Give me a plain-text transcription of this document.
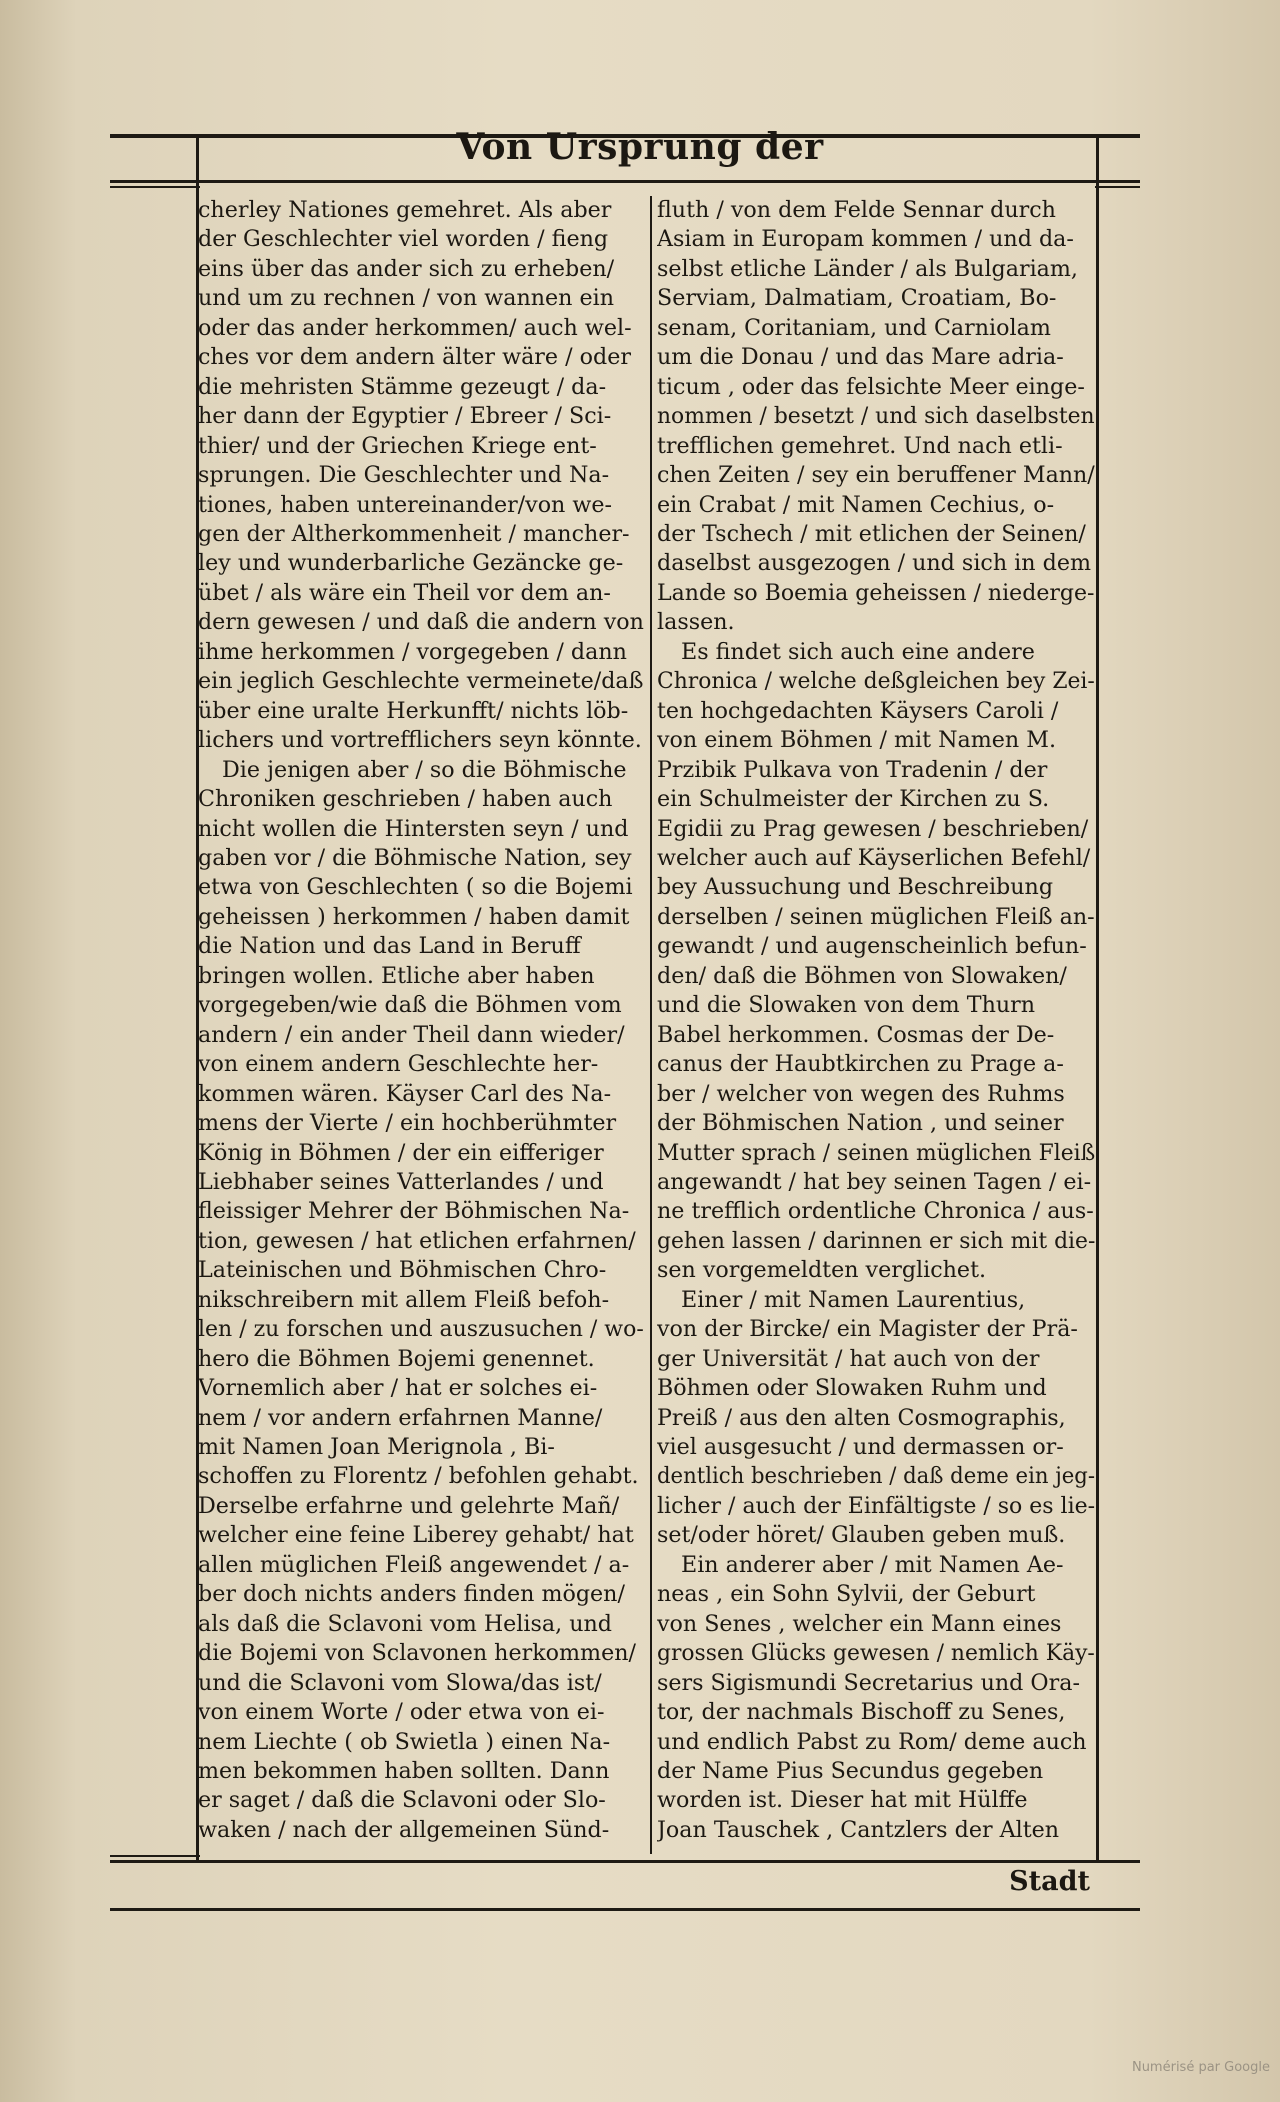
Von Ursprung der

cherley Nationes gemehret. Als aber

der Geschlechter viel worden / fieng

eins über das ander sich zu erheben/

und um zu rechnen / von wannen ein

oder das ander herkommen/ auch wel-

ches vor dem andern älter wäre / oder

die mehristen Stämme gezeugt / da-

her dann der Egyptier / Ebreer / Sci-

thier/ und der Griechen Kriege ent-

sprungen. Die Geschlechter und Na-

tiones, haben untereinander/von we-

gen der Altherkommenheit / mancher-

ley und wunderbarliche Gezäncke ge-

übet / als wäre ein Theil vor dem an-

dern gewesen / und daß die andern von

ihme herkommen / vorgegeben / dann

ein jeglich Geschlechte vermeinete/daß

über eine uralte Herkunfft/ nichts löb-

lichers und vortrefflichers seyn könnte.

Die jenigen aber / so die Böhmische

Chroniken geschrieben / haben auch

nicht wollen die Hintersten seyn / und

gaben vor / die Böhmische Nation, sey

etwa von Geschlechten ( so die Bojemi

geheissen ) herkommen / haben damit

die Nation und das Land in Beruff

bringen wollen. Etliche aber haben

vorgegeben/wie daß die Böhmen vom

andern / ein ander Theil dann wieder/

von einem andern Geschlechte her-

kommen wären. Käyser Carl des Na-

mens der Vierte / ein hochberühmter

König in Böhmen / der ein eifferiger

Liebhaber seines Vatterlandes / und

fleissiger Mehrer der Böhmischen Na-

tion, gewesen / hat etlichen erfahrnen/

Lateinischen und Böhmischen Chro-

nikschreibern mit allem Fleiß befoh-

len / zu forschen und auszusuchen / wo-

hero die Böhmen Bojemi genennet.

Vornemlich aber / hat er solches ei-

nem / vor andern erfahrnen Manne/

mit Namen Joan Merignola , Bi-

schoffen zu Florentz / befohlen gehabt.

Derselbe erfahrne und gelehrte Mañ/

welcher eine feine Liberey gehabt/ hat

allen müglichen Fleiß angewendet / a-

ber doch nichts anders finden mögen/

als daß die Sclavoni vom Helisa, und

die Bojemi von Sclavonen herkommen/

und die Sclavoni vom Slowa/das ist/

von einem Worte / oder etwa von ei-

nem Liechte ( ob Swietla ) einen Na-

men bekommen haben sollten. Dann

er saget / daß die Sclavoni oder Slo-

waken / nach der allgemeinen Sünd-

fluth / von dem Felde Sennar durch

Asiam in Europam kommen / und da-

selbst etliche Länder / als Bulgariam,

Serviam, Dalmatiam, Croatiam, Bo-

senam, Coritaniam, und Carniolam

um die Donau / und das Mare adria-

ticum , oder das felsichte Meer einge-

nommen / besetzt / und sich daselbsten

trefflichen gemehret. Und nach etli-

chen Zeiten / sey ein beruffener Mann/

ein Crabat / mit Namen Cechius, o-

der Tschech / mit etlichen der Seinen/

daselbst ausgezogen / und sich in dem

Lande so Boemia geheissen / niederge-

lassen.

Es findet sich auch eine andere

Chronica / welche deßgleichen bey Zei-

ten hochgedachten Käysers Caroli /

von einem Böhmen / mit Namen M.

Przibik Pulkava von Tradenin / der

ein Schulmeister der Kirchen zu S.

Egidii zu Prag gewesen / beschrieben/

welcher auch auf Käyserlichen Befehl/

bey Aussuchung und Beschreibung

derselben / seinen müglichen Fleiß an-

gewandt / und augenscheinlich befun-

den/ daß die Böhmen von Slowaken/

und die Slowaken von dem Thurn

Babel herkommen. Cosmas der De-

canus der Haubtkirchen zu Prage a-

ber / welcher von wegen des Ruhms

der Böhmischen Nation , und seiner

Mutter sprach / seinen müglichen Fleiß

angewandt / hat bey seinen Tagen / ei-

ne trefflich ordentliche Chronica / aus-

gehen lassen / darinnen er sich mit die-

sen vorgemeldten verglichet.

Einer / mit Namen Laurentius,

von der Bircke/ ein Magister der Prä-

ger Universität / hat auch von der

Böhmen oder Slowaken Ruhm und

Preiß / aus den alten Cosmographis,

viel ausgesucht / und dermassen or-

dentlich beschrieben / daß deme ein jeg-

licher / auch der Einfältigste / so es lie-

set/oder höret/ Glauben geben muß.

Ein anderer aber / mit Namen Ae-

neas , ein Sohn Sylvii, der Geburt

von Senes , welcher ein Mann eines

grossen Glücks gewesen / nemlich Käy-

sers Sigismundi Secretarius und Ora-

tor, der nachmals Bischoff zu Senes,

und endlich Pabst zu Rom/ deme auch

der Name Pius Secundus gegeben

worden ist. Dieser hat mit Hülffe

Joan Tauschek , Cantzlers der Alten

Stadt
Numérisé par Google
